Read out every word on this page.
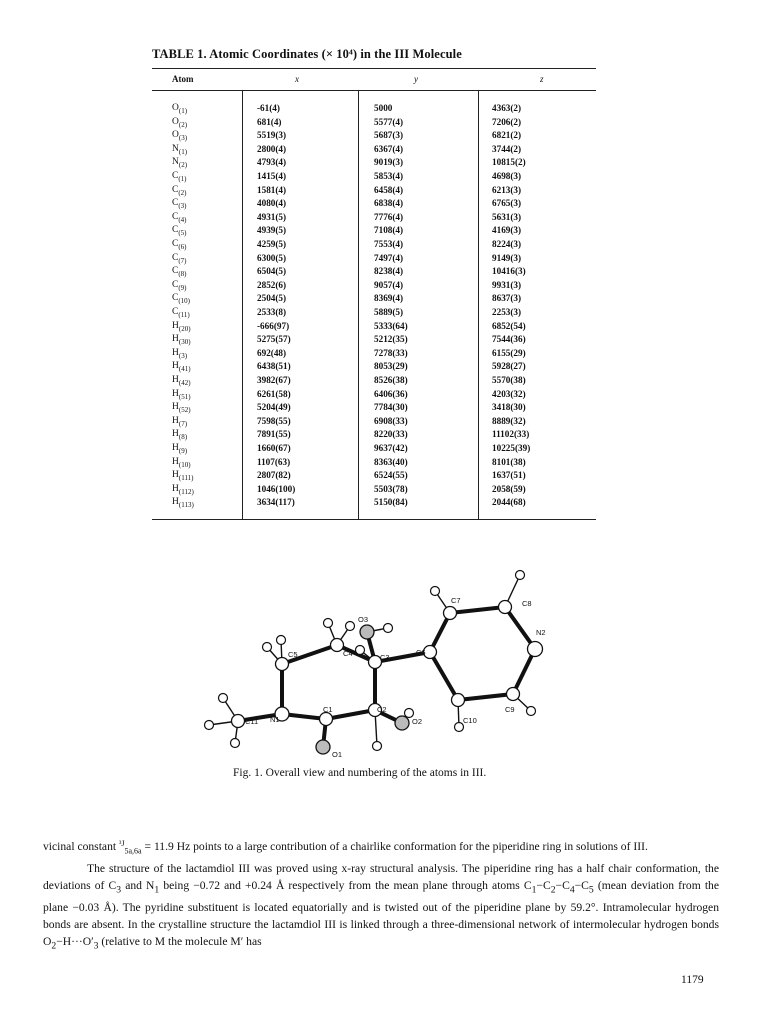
TABLE 1. Atomic Coordinates (× 10⁴) in the III Molecule
Atom	x	y	z
$O_{(1)}$	-61(4)	5000	4363(2)
$O_{(2)}$	681(4)	5577(4)	7206(2)
$O_{(3)}$	5519(3)	5687(3)	6821(2)
$N_{(1)}$	2800(4)	6367(4)	3744(2)
$N_{(2)}$	4793(4)	9019(3)	10815(2)
$C_{(1)}$	1415(4)	5853(4)	4698(3)
$C_{(2)}$	1581(4)	6458(4)	6213(3)
$C_{(3)}$	4080(4)	6838(4)	6765(3)
$C_{(4)}$	4931(5)	7776(4)	5631(3)
$C_{(5)}$	4939(5)	7108(4)	4169(3)
$C_{(6)}$	4259(5)	7553(4)	8224(3)
$C_{(7)}$	6300(5)	7497(4)	9149(3)
$C_{(8)}$	6504(5)	8238(4)	10416(3)
$C_{(9)}$	2852(6)	9057(4)	9931(3)
$C_{(10)}$	2504(5)	8369(4)	8637(3)
$C_{(11)}$	2533(8)	5889(5)	2253(3)
$H_{(20)}$	-666(97)	5333(64)	6852(54)
$H_{(30)}$	5275(57)	5212(35)	7544(36)
$H_{(3)}$	692(48)	7278(33)	6155(29)
$H_{(41)}$	6438(51)	8053(29)	5928(27)
$H_{(42)}$	3982(67)	8526(38)	5570(38)
$H_{(51)}$	6261(58)	6406(36)	4203(32)
$H_{(52)}$	5204(49)	7784(30)	3418(30)
$H_{(7)}$	7598(55)	6908(33)	8889(32)
$H_{(8)}$	7891(55)	8220(33)	11102(33)
$H_{(9)}$	1660(67)	9637(42)	10225(39)
$H_{(10)}$	1107(63)	8363(40)	8101(38)
$H_{(111)}$	2807(82)	6524(55)	1637(51)
$H_{(112)}$	1046(100)	5503(78)	2058(59)
$H_{(113)}$	3634(117)	5150(84)	2044(68)
C7	C8
O3
N2
C5	C4	C3
C6
C1	C2	C9
C11 N1	O2	C10
O1
Fig. 1. Overall view and numbering of the atoms in III.

vicinal constant $^{^3J}_{5a,6a}$ = 11.9 Hz points to a large contribution of a chairlike conformation for the piperidine ring in solutions of III.

The structure of the lactamdiol III was proved using x-ray structural analysis. The piperidine ring has a half chair conformation, the deviations of $C_3$ and $N_1$ being −0.72 and +0.24 Å respectively from the mean plane through atoms $C_1-C_2-C_4-C_5$ (mean deviation from the plane −0.03 Å). The pyridine substituent is located equatorially and is twisted out of the piperidine plane by 59.2°. Intramolecular hydrogen bonds are absent. In the crystalline structure the lactamdiol III is linked through a three-dimensional network of intermolecular hydrogen bonds $O_2-H\cdot\cdot\cdot O'_3$ (relative to M the molecule M′ has

1179
